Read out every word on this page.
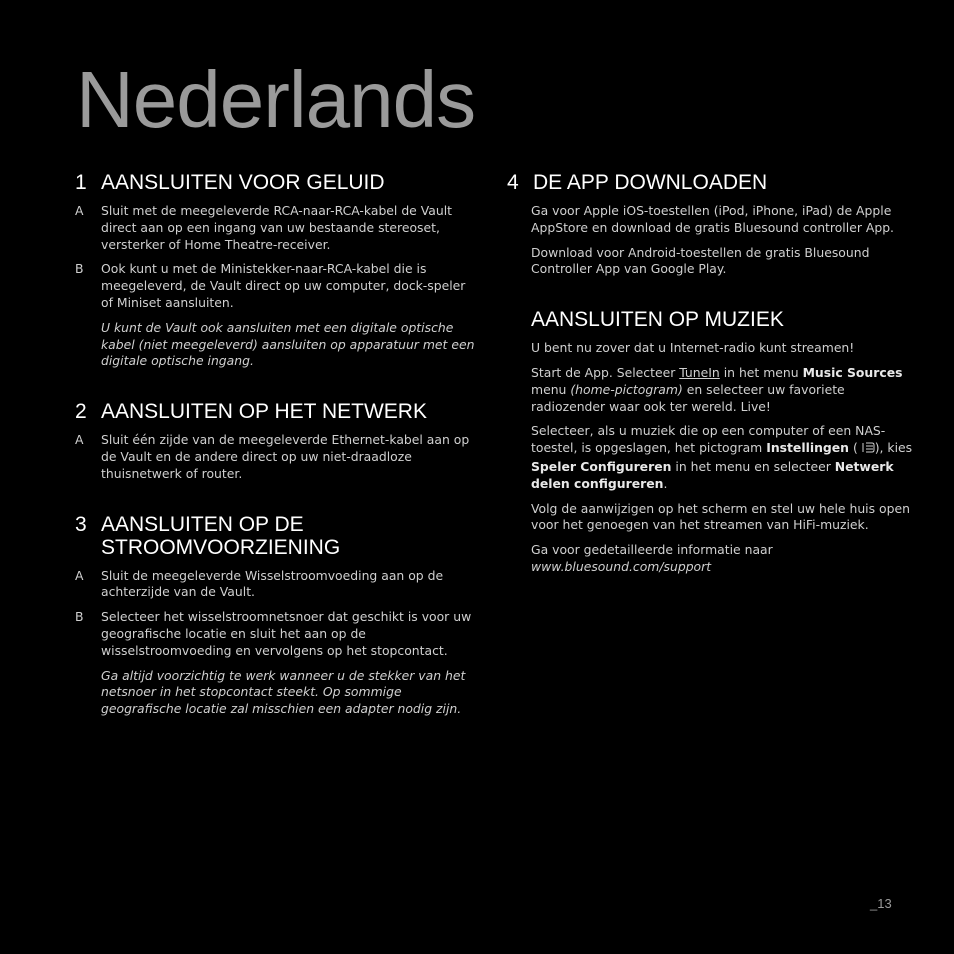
Nederlands
1 AANSLUITEN VOOR GELUID
A	Sluit met de meegeleverde RCA-naar-RCA-kabel de Vault direct aan op een ingang van uw bestaande stereoset, versterker of Home Theatre-receiver.
B	Ook kunt u met de Ministekker-naar-RCA-kabel die is meegeleverd, de Vault direct op uw computer, dock-speler of Miniset aansluiten.

U kunt de Vault ook aansluiten met een digitale optische kabel (niet meegeleverd) aansluiten op apparatuur met een digitale optische ingang.

2 AANSLUITEN OP HET NETWERK
A	Sluit één zijde van de meegeleverde Ethernet-kabel aan op de Vault en de andere direct op uw niet-draadloze thuisnetwerk of router.
3 AANSLUITEN OP DE STROOMVOORZIENING
A	Sluit de meegeleverde Wisselstroomvoeding aan op de achterzijde van de Vault.
B	Selecteer het wisselstroomnetsnoer dat geschikt is voor uw geografische locatie en sluit het aan op de wisselstroomvoeding en vervolgens op het stopcontact.

Ga altijd voorzichtig te werk wanneer u de stekker van het netsnoer in het stopcontact steekt. Op sommige geografische locatie zal misschien een adapter nodig zijn.

4 DE APP DOWNLOADEN

Ga voor Apple iOS-toestellen (iPod, iPhone, iPad) de Apple AppStore en download de gratis Bluesound controller App.

Download voor Android-toestellen de gratis Bluesound Controller App van Google Play.

AANSLUITEN OP MUZIEK

U bent nu zover dat u Internet-radio kunt streamen!

Start de App. Selecteer TuneIn in het menu Music Sources menu (home-pictogram) en selecteer uw favoriete radiozender waar ook ter wereld. Live!

Selecteer, als u muziek die op een computer of een NAS-toestel, is opgeslagen, het pictogram Instellingen ( ), kies Speler Configureren in het menu en selecteer Netwerk delen configureren.

Volg de aanwijzigen op het scherm en stel uw hele huis open voor het genoegen van het streamen van HiFi-muziek.

Ga voor gedetailleerde informatie naar
www.bluesound.com/support

_13
